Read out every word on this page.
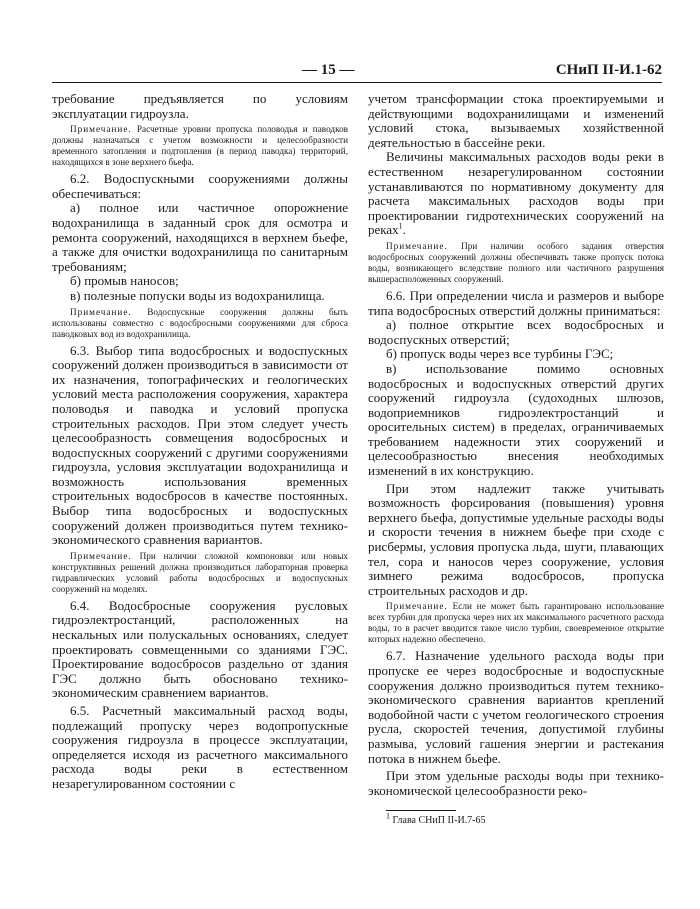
— 15 —	СНиП II-И.1-62

требование предъявляется по условиям эксплуатации гидроузла.

Примечание. Расчетные уровни пропуска половодья и паводков должны назначаться с учетом возможности и целесообразности временного затопления и подтопления (в период паводка) территорий, находящихся в зоне верхнего бьефа.

6.2. Водоспускными сооружениями должны обеспечиваться:

а) полное или частичное опорожнение водохранилища в заданный срок для осмотра и ремонта сооружений, находящихся в верхнем бьефе, а также для очистки водохранилища по санитарным требованиям;

б) промыв наносов;

в) полезные попуски воды из водохранилища.

Примечание. Водоспускные сооружения должны быть использованы совместно с водосбросными сооружениями для сброса паводковых вод из водохранилища.

6.3. Выбор типа водосбросных и водоспускных сооружений должен производиться в зависимости от их назначения, топографических и геологических условий места расположения сооружения, характера половодья и паводка и условий пропуска строительных расходов. При этом следует учесть целесообразность совмещения водосбросных и водоспускных сооружений с другими сооружениями гидроузла, условия эксплуатации водохранилища и возможность использования временных строительных водосбросов в качестве постоянных. Выбор типа водосбросных и водоспускных сооружений должен производиться путем технико-экономического сравнения вариантов.

Примечание. При наличии сложной компоновки или новых конструктивных решений должна производиться лабораторная проверка гидравлических условий работы водосбросных и водоспускных сооружений на моделях.

6.4. Водосбросные сооружения русловых гидроэлектростанций, расположенных на нескальных или полускальных основаниях, следует проектировать совмещенными со зданиями ГЭС. Проектирование водосбросов раздельно от здания ГЭС должно быть обосновано технико-экономическим сравнением вариантов.

6.5. Расчетный максимальный расход воды, подлежащий пропуску через водопропускные сооружения гидроузла в процессе эксплуатации, определяется исходя из расчетного максимального расхода воды реки в естественном незарегулированном состоянии с

учетом трансформации стока проектируемыми и действующими водохранилищами и изменений условий стока, вызываемых хозяйственной деятельностью в бассейне реки.

Величины максимальных расходов воды реки в естественном незарегулированном состоянии устанавливаются по нормативному документу для расчета максимальных расходов воды при проектировании гидротехнических сооружений на реках$^1$.

Примечание. При наличии особого задания отверстия водосбросных сооружений должны обеспечивать также пропуск потока воды, возникающего вследствие полного или частичного разрушения вышерасположенных сооружений.

6.6. При определении числа и размеров и выборе типа водосбросных отверстий должны приниматься:

а) полное открытие всех водосбросных и водоспускных отверстий;

б) пропуск воды через все турбины ГЭС;

в) использование помимо основных водосбросных и водоспускных отверстий других сооружений гидроузла (судоходных шлюзов, водоприемников гидроэлектростанций и оросительных систем) в пределах, ограничиваемых требованием надежности этих сооружений и целесообразностью внесения необходимых изменений в их конструкцию.

При этом надлежит также учитывать возможность форсирования (повышения) уровня верхнего бьефа, допустимые удельные расходы воды и скорости течения в нижнем бьефе при сходе с рисбермы, условия пропуска льда, шуги, плавающих тел, сора и наносов через сооружение, условия зимнего режима водосбросов, пропуска строительных расходов и др.

Примечание. Если не может быть гарантировано использование всех турбин для пропуска через них их максимального расчетного расхода воды, то в расчет вводится такое число турбин, своевременное открытие которых надежно обеспечено.

6.7. Назначение удельного расхода воды при пропуске ее через водосбросные и водоспускные сооружения должно производиться путем технико-экономического сравнения вариантов креплений водобойной части с учетом геологического строения русла, скоростей течения, допустимой глубины размыва, условий гашения энергии и растекания потока в нижнем бьефе.

При этом удельные расходы воды при технико-экономической целесообразности реко-

$^1$ Глава СНиП II-И.7-65
